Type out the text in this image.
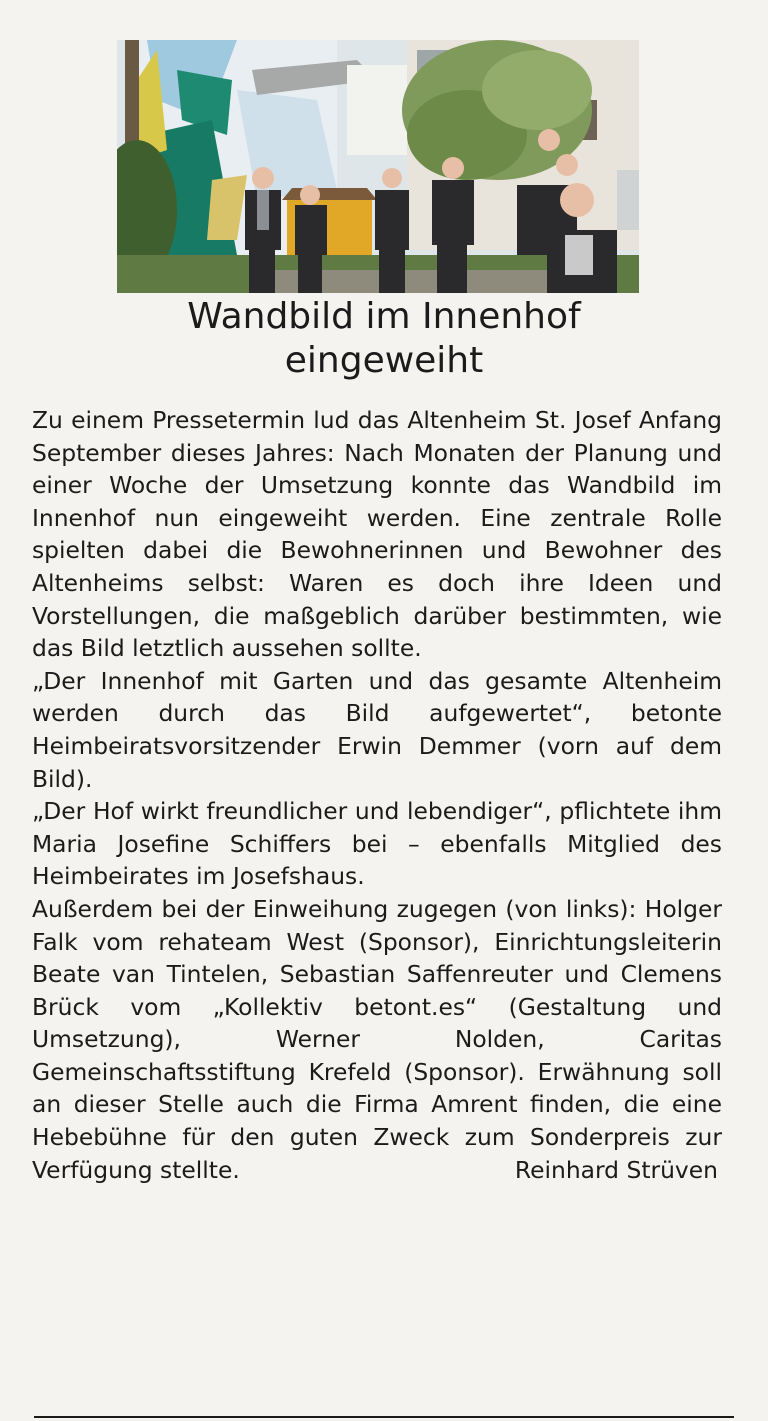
Wandbild im Innenhof
eingeweiht

Zu einem Pressetermin lud das Altenheim St. Josef Anfang September dieses Jahres: Nach Monaten der Planung und einer Woche der Umsetzung konnte das Wandbild im Innenhof nun eingeweiht werden. Eine zentrale Rolle spielten dabei die Bewohnerinnen und Bewohner des Altenheims selbst: Waren es doch ihre Ideen und Vorstellungen, die maßgeblich darüber bestimmten, wie das Bild letztlich aussehen sollte.

„Der Innenhof mit Garten und das gesamte Altenheim werden durch das Bild aufgewertet“, betonte Heimbeiratsvorsitzender Erwin Demmer (vorn auf dem Bild).

„Der Hof wirkt freundlicher und lebendiger“, pflichtete ihm Maria Josefine Schiffers bei – ebenfalls Mitglied des Heimbeirates im Josefshaus.

Außerdem bei der Einweihung zugegen (von links): Holger Falk vom rehateam West (Sponsor), Einrichtungsleiterin Beate van Tintelen, Sebastian Saffenreuter und Clemens Brück vom „Kollektiv betont.es“ (Gestaltung und Umsetzung), Werner Nolden, Caritas Gemeinschaftsstiftung Krefeld (Sponsor). Erwähnung soll an dieser Stelle auch die Firma Amrent finden, die eine Hebebühne für den guten Zweck zum Sonderpreis zur Verfügung stellte.	Reinhard Strüven
